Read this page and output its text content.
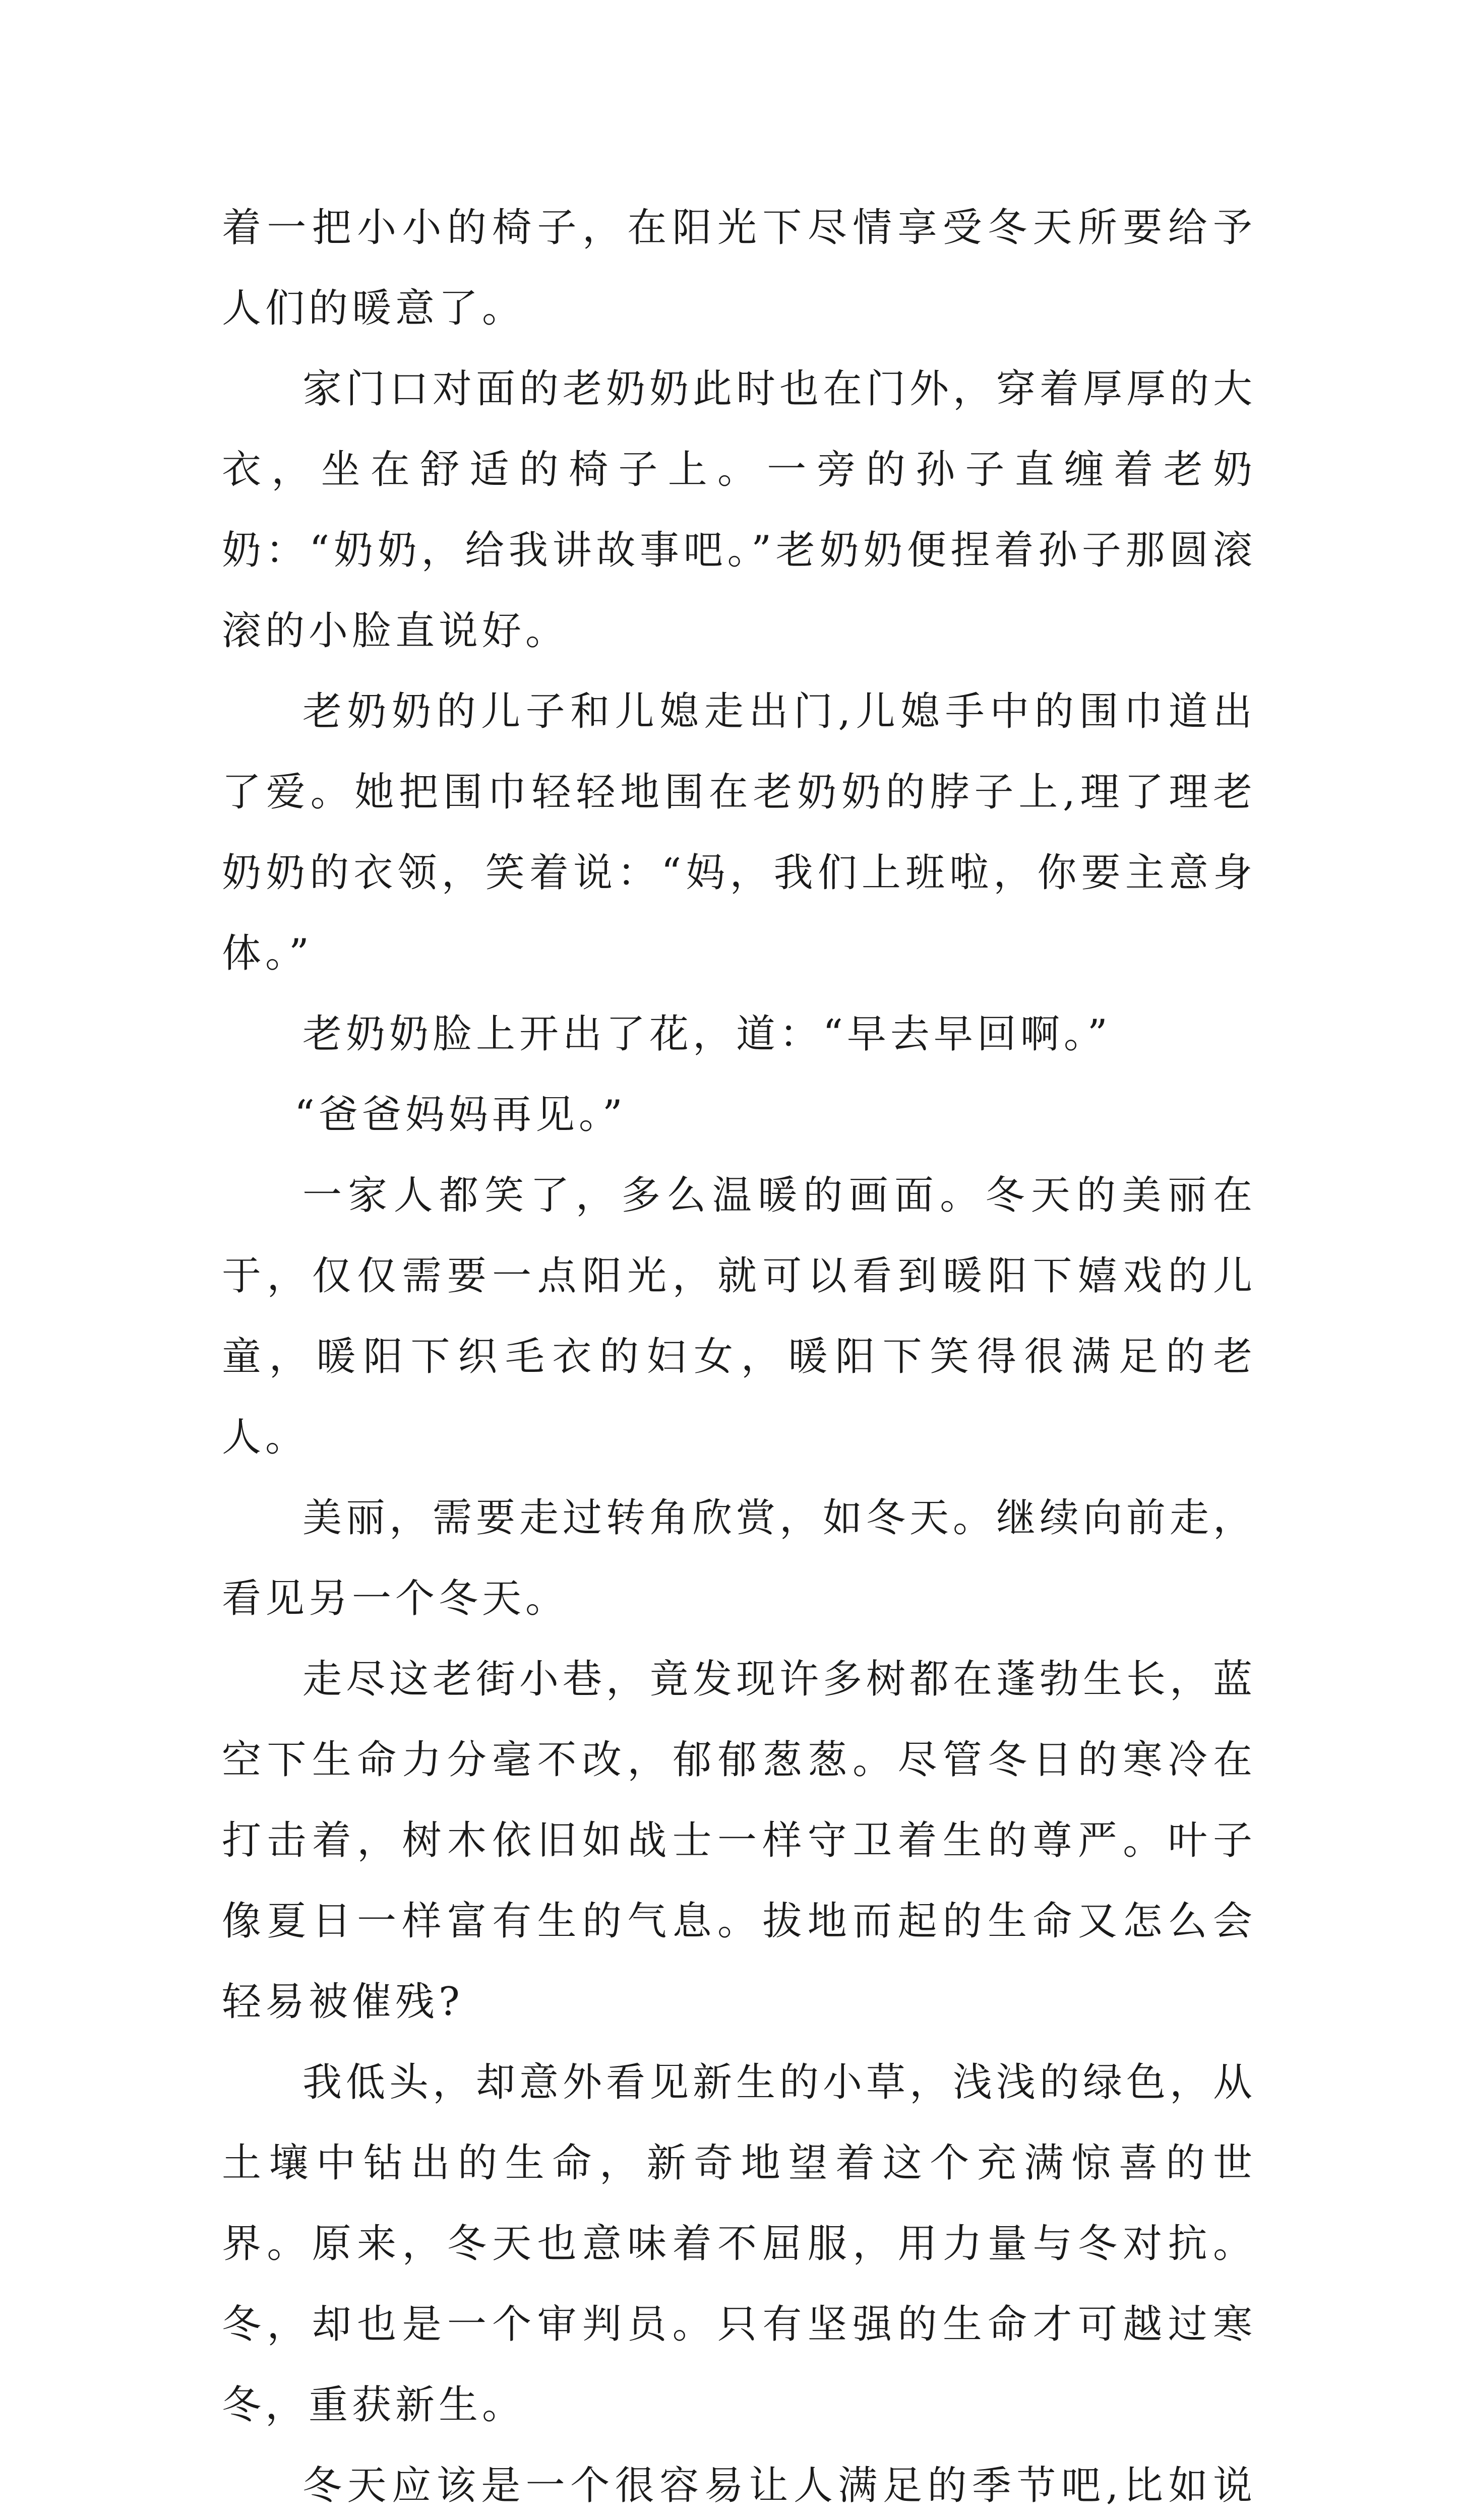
着一把小小的椅子，在阳光下尽情享受冬天所要给予人们的暖意了。

家门口对面的老奶奶此时也在门外，穿着厚厚的大衣，坐在舒适的椅子上。一旁的孙子直缠着老奶奶：“奶奶，给我讲故事吧。”老奶奶便捏着孙子那圆滚滚的小脸直说好。

老奶奶的儿子和儿媳走出门,儿媳手中的围巾道出了爱。她把围巾轻轻地围在老奶奶的脖子上,理了理老奶奶的衣领，笑着说：“妈，我们上班啦，你要主意身体。”

老奶奶脸上开出了花，道：“早去早回啊。”

“爸爸妈妈再见。”

一家人都笑了，多么温暖的画面。冬天的美丽在于，仅仅需要一点阳光，就可以看到暖阳下嬉戏的儿童，暖阳下织毛衣的妇女，暖阳下笑得很满足的老人。

美丽，需要走过转角欣赏，如冬天。继续向前走，看见另一个冬天。

走尽这老街小巷，竟发现许多树都在蓬勃生长，蓝空下生命力分毫不改，郁郁葱葱。尽管冬日的寒冷在打击着，树木依旧如战士一样守卫着生的尊严。叶子像夏日一样富有生的气息。拔地而起的生命又怎么会轻易被催残?

我低头，却意外看见新生的小草，浅浅的绿色，从土壤中钻出的生命，新奇地望着这个充满惊喜的世界。原来，冬天也意味着不屈服，用力量与冬对抗。冬，却也是一个审判员。只有坚强的生命才可越过寒冬，重获新生。

冬天应该是一个很容易让人满足的季节吧,比如说
